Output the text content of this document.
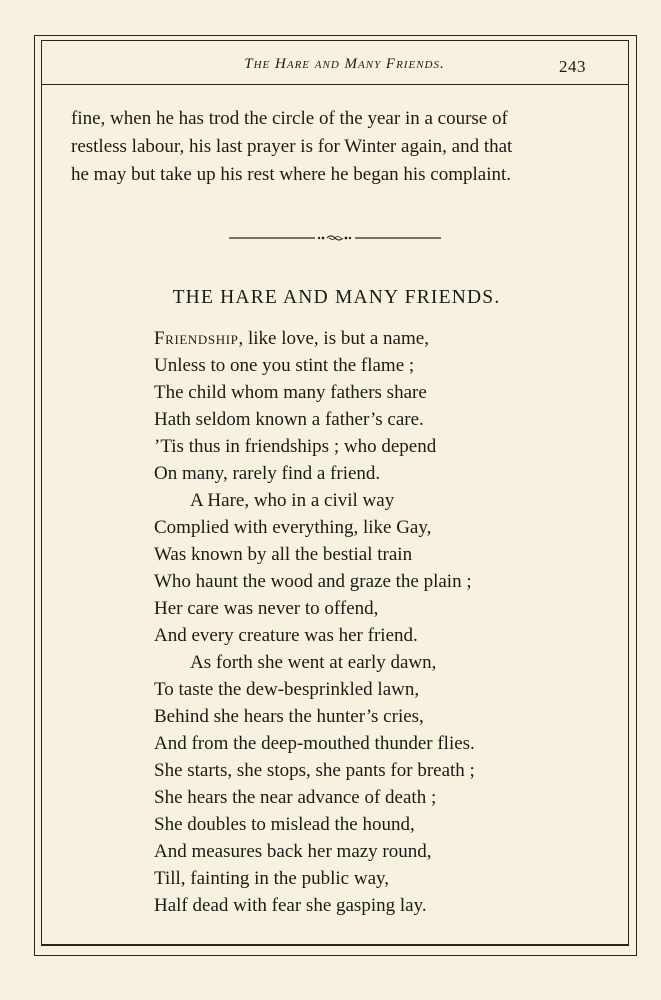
The Hare and Many Friends.	243
fine, when he has trod the circle of the year in a course of
restless labour, his last prayer is for Winter again, and that
he may but take up his rest where he began his complaint.
THE HARE AND MANY FRIENDS.
Friendship, like love, is but a name,
Unless to one you stint the flame ;
The child whom many fathers share
Hath seldom known a father’s care.
’Tis thus in friendships ; who depend
On many, rarely find a friend.
A Hare, who in a civil way
Complied with everything, like Gay,
Was known by all the bestial train
Who haunt the wood and graze the plain ;
Her care was never to offend,
And every creature was her friend.
As forth she went at early dawn,
To taste the dew-besprinkled lawn,
Behind she hears the hunter’s cries,
And from the deep-mouthed thunder flies.
She starts, she stops, she pants for breath ;
She hears the near advance of death ;
She doubles to mislead the hound,
And measures back her mazy round,
Till, fainting in the public way,
Half dead with fear she gasping lay.
